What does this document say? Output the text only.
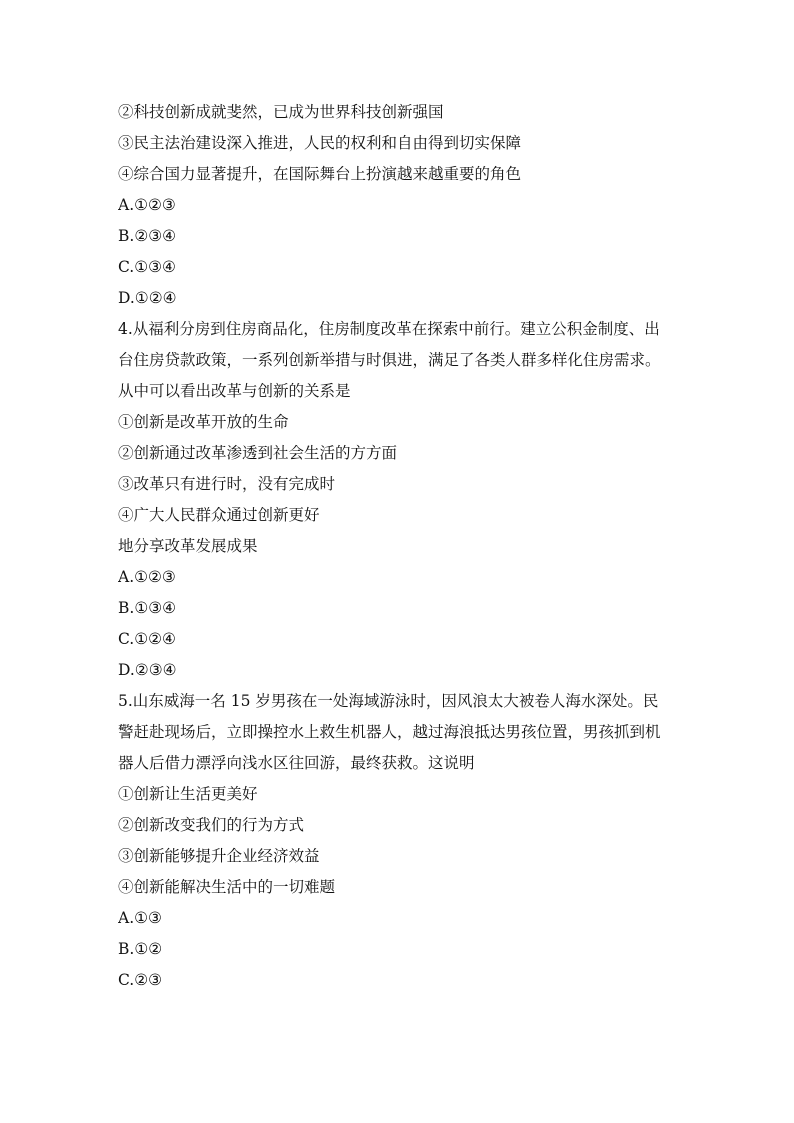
②科技创新成就斐然，已成为世界科技创新强国
③民主法治建设深入推进，人民的权利和自由得到切实保障
④综合国力显著提升，在国际舞台上扮演越来越重要的角色
A.①②③
B.②③④
C.①③④
D.①②④
4.从福利分房到住房商品化，住房制度改革在探索中前行。建立公积金制度、出
台住房贷款政策，一系列创新举措与时俱进，满足了各类人群多样化住房需求。
从中可以看出改革与创新的关系是
①创新是改革开放的生命
②创新通过改革渗透到社会生活的方方面
③改革只有进行时，没有完成时
④广大人民群众通过创新更好
地分享改革发展成果
A.①②③
B.①③④
C.①②④
D.②③④
5.山东威海一名 15 岁男孩在一处海域游泳时，因风浪太大被卷人海水深处。民
警赶赴现场后，立即操控水上救生机器人，越过海浪抵达男孩位置，男孩抓到机
器人后借力漂浮向浅水区往回游，最终获救。这说明
①创新让生活更美好
②创新改变我们的行为方式
③创新能够提升企业经济效益
④创新能解决生活中的一切难题
A.①③
B.①②
C.②③
